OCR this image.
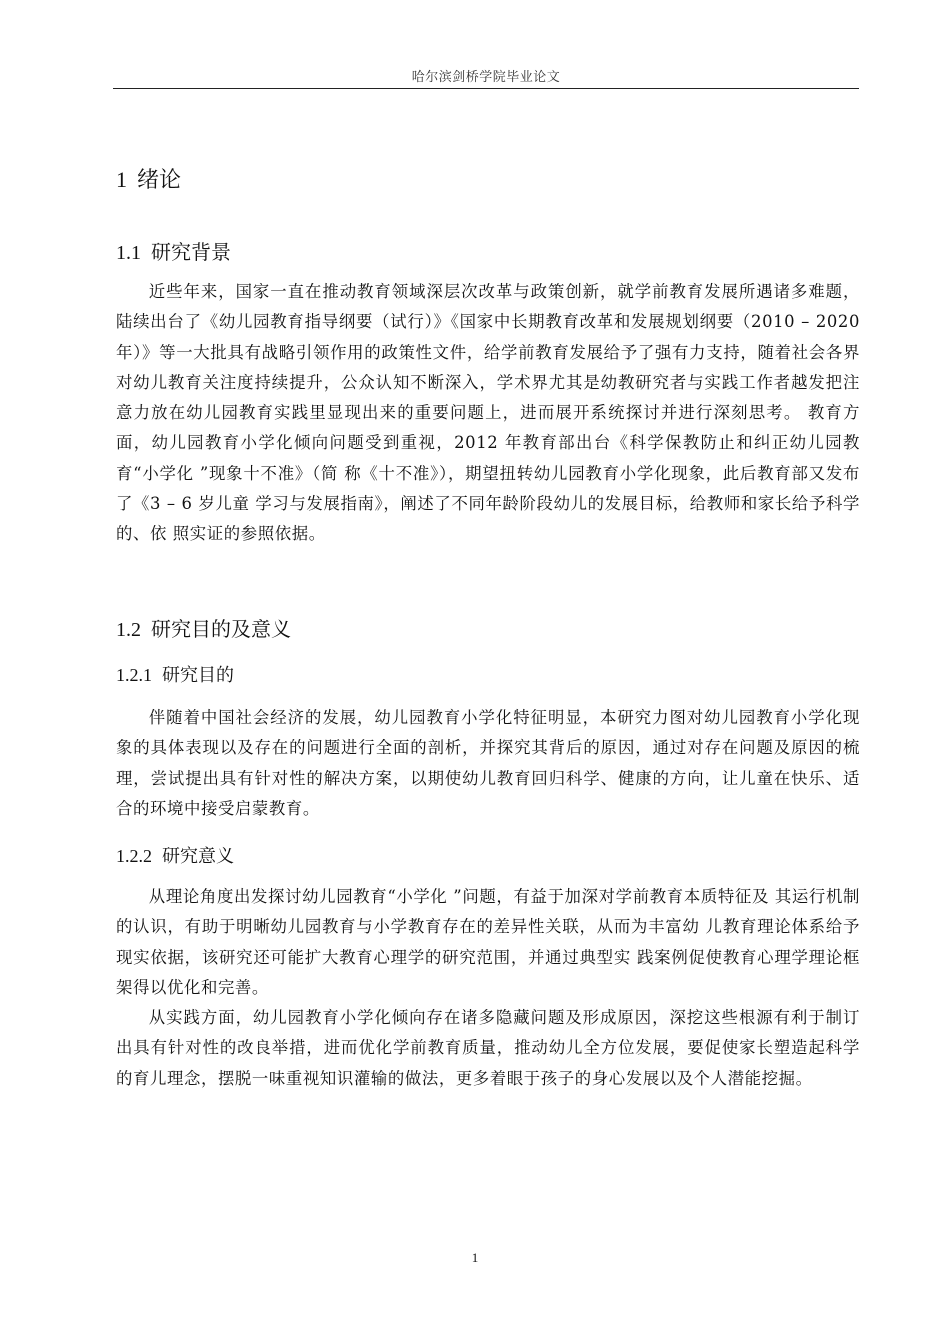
哈尔滨剑桥学院毕业论文
1 绪论
1.1 研究背景

近些年来，国家一直在推动教育领域深层次改革与政策创新，就学前教育发展所遇诸多难题，陆续出台了《幼儿园教育指导纲要（试行）》《国家中长期教育改革和发展规划纲要（2010 – 2020 年）》等一大批具有战略引领作用的政策性文件，给学前教育发展给予了强有力支持，随着社会各界对幼儿教育关注度持续提升，公众认知不断深入，学术界尤其是幼教研究者与实践工作者越发把注意力放在幼儿园教育实践里显现出来的重要问题上，进而展开系统探讨并进行深刻思考。 教育方面，幼儿园教育小学化倾向问题受到重视，2012 年教育部出台《科学保教防止和纠正幼儿园教育“小学化 ”现象十不准》（简 称《十不准》），期望扭转幼儿园教育小学化现象，此后教育部又发布了《3 – 6 岁儿童 学习与发展指南》，阐述了不同年龄阶段幼儿的发展目标，给教师和家长给予科学的、依 照实证的参照依据。

1.2 研究目的及意义
1.2.1 研究目的

伴随着中国社会经济的发展，幼儿园教育小学化特征明显，本研究力图对幼儿园教育小学化现象的具体表现以及存在的问题进行全面的剖析，并探究其背后的原因，通过对存在问题及原因的梳理，尝试提出具有针对性的解决方案，以期使幼儿教育回归科学、健康的方向，让儿童在快乐、适合的环境中接受启蒙教育。

1.2.2 研究意义

从理论角度出发探讨幼儿园教育“小学化 ”问题，有益于加深对学前教育本质特征及 其运行机制的认识，有助于明晰幼儿园教育与小学教育存在的差异性关联，从而为丰富幼 儿教育理论体系给予现实依据，该研究还可能扩大教育心理学的研究范围，并通过典型实 践案例促使教育心理学理论框架得以优化和完善。

从实践方面，幼儿园教育小学化倾向存在诸多隐藏问题及形成原因，深挖这些根源有利于制订出具有针对性的改良举措，进而优化学前教育质量，推动幼儿全方位发展，要促使家长塑造起科学的育儿理念，摆脱一味重视知识灌输的做法，更多着眼于孩子的身心发展以及个人潜能挖掘。

1
